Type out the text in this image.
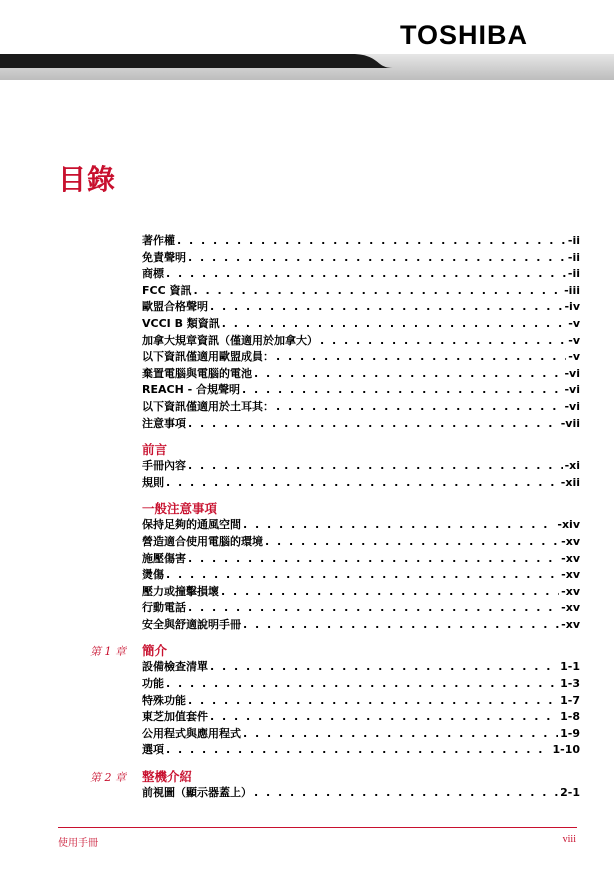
TOSHIBA
目錄
著作權 . . .	-ii
免責聲明 . . .	-ii
商標 . . .	-ii
FCC 資訊 . . .	-iii
歐盟合格聲明 . . .	-iv
VCCI B 類資訊 . . .	-v
加拿大規章資訊（僅適用於加拿大） . . .	-v
以下資訊僅適用歐盟成員： . . .	-v
棄置電腦與電腦的電池 . . .	-vi
REACH - 合規聲明 . . .	-vi
以下資訊僅適用於土耳其： . . .	-vi
注意事項 . . .	-vii
前言
手冊內容 . . .	-xi
規則 . . .	-xii
一般注意事項
保持足夠的通風空間 . . .	-xiv
營造適合使用電腦的環境 . . .	-xv
施壓傷害 . . .	-xv
燙傷 . . .	-xv
壓力或撞擊損壞 . . .	-xv
行動電話 . . .	-xv
安全與舒適說明手冊 . . .	-xv
第 1 章	簡介
設備檢查清單 . . .	1-1
功能 . . .	1-3
特殊功能 . . .	1-7
東芝加值套件 . . .	1-8
公用程式與應用程式 . . .	1-9
選項 . . .	1-10
第 2 章	整機介紹
前視圖（顯示器蓋上） . . .	2-1
使用手冊	viii
